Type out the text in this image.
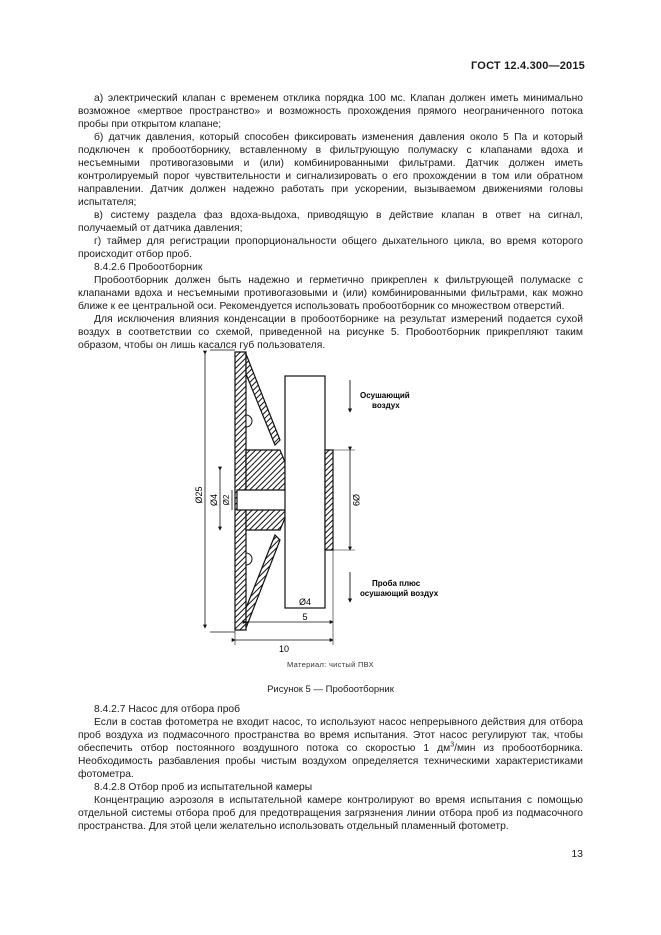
ГОСТ 12.4.300—2015

а) электрический клапан с временем отклика порядка 100 мс. Клапан должен иметь минимально возможное «мертвое пространство» и возможность прохождения прямого неограниченного потока пробы при открытом клапане;

б) датчик давления, который способен фиксировать изменения давления около 5 Па и который подключен к пробоотборнику, вставленному в фильтрующую полумаску с клапанами вдоха и несъемными противогазовыми и (или) комбинированными фильтрами. Датчик должен иметь контролируемый порог чувствительности и сигнализировать о его прохождении в том или обратном направлении. Датчик должен надежно работать при ускорении, вызываемом движениями головы испытателя;

в) систему раздела фаз вдоха-выдоха, приводящую в действие клапан в ответ на сигнал, получаемый от датчика давления;

г) таймер для регистрации пропорциональности общего дыхательного цикла, во время которого происходит отбор проб.

8.4.2.6 Пробоотборник

Пробоотборник должен быть надежно и герметично прикреплен к фильтрующей полумаске с клапанами вдоха и несъемными противогазовыми и (или) комбинированными фильтрами, как можно ближе к ее центральной оси. Рекомендуется использовать пробоотборник со множеством отверстий.

Для исключения влияния конденсации в пробоотборнике на результат измерений подается сухой воздух в соответствии со схемой, приведенной на рисунке 5. Пробоотборник прикрепляют таким образом, чтобы он лишь касался губ пользователя.

Ø25 Ø4 Ø2	Ø9
Ø4
5
10
Осушающий
воздух
Проба плюс
осушающий воздух
Материал: чистый ПВХ
Рисунок 5 — Пробоотборник

8.4.2.7 Насос для отбора проб

Если в состав фотометра не входит насос, то используют насос непрерывного действия для отбора проб воздуха из подмасочного пространства во время испытания. Этот насос регулируют так, чтобы обеспечить отбор постоянного воздушного потока со скоростью 1 $дм^3$/мин из пробоотборника. Необходимость разбавления пробы чистым воздухом определяется техническими характеристиками фотометра.

8.4.2.8 Отбор проб из испытательной камеры

Концентрацию аэрозоля в испытательной камере контролируют во время испытания с помощью отдельной системы отбора проб для предотвращения загрязнения линии отбора проб из подмасочного пространства. Для этой цели желательно использовать отдельный пламенный фотометр.

13
